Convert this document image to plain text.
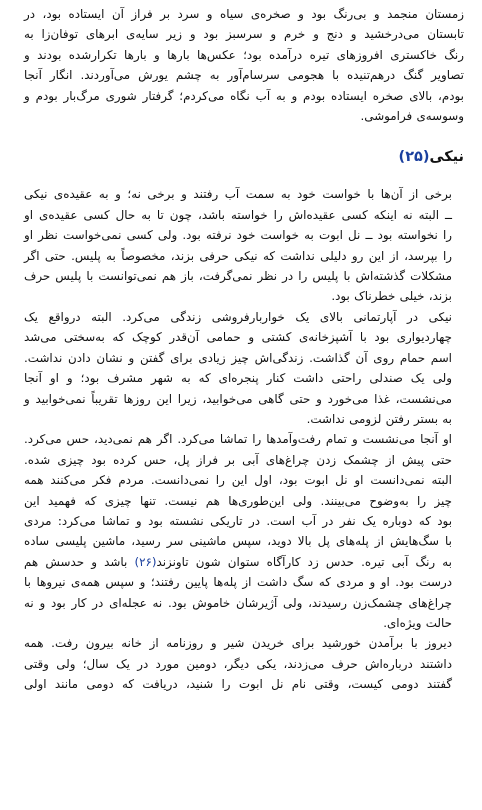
زمستان منجمد و بی‌رنگ بود و صخره‌ی سیاه و سرد بر فراز آن ایستاده بود، در
تابستان می‌درخشید و دنج و خرم و سرسبز بود و زیر سایه‌ی ابرهای توفان‌زا به
رنگ خاکستری افروزهای تیره درآمده بود؛ عکس‌ها بارها و بارها تکرارشده بودند و
تصاویر گنگ درهم‌تنیده با هجومی سرسام‌آور به چشم یورش می‌آوردند. انگار آنجا
بودم، بالای صخره ایستاده بودم و به آب نگاه می‌کردم؛ گرفتار شوری مرگ‌بار بودم و
وسوسه‌ی فراموشی.
نیکی(۲۵)
برخی از آن‌ها با خواست خود به سمت آب رفتند و برخی نه؛ و به عقیده‌ی نیکی
ــ البته نه اینکه کسی عقیده‌اش را خواسته باشد، چون تا به حال کسی عقیده‌ی او
را نخواسته بود ــ نل ابوت به خواست خود نرفته بود. ولی کسی نمی‌خواست نظر او
را بپرسد، از این رو دلیلی نداشت که نیکی حرفی بزند، مخصوصاً به پلیس. حتی اگر
مشکلات گذشته‌اش با پلیس را در نظر نمی‌گرفت، باز هم نمی‌توانست با پلیس حرف
بزند، خیلی خطرناک بود.
نیکی در آپارتمانی بالای یک خواربارفروشی زندگی می‌کرد. البته درواقع یک
چهاردیواری بود با آشپزخانه‌ی کشتی و حمامی آن‌قدر کوچک که به‌سختی می‌شد
اسم حمام روی آن گذاشت. زندگی‌اش چیز زیادی برای گفتن و نشان دادن نداشت.
ولی یک صندلی راحتی داشت کنار پنجره‌ای که به شهر مشرف بود؛ و او آنجا
می‌نشست، غذا می‌خورد و حتی گاهی می‌خوابید، زیرا این روزها تقریباً نمی‌خوابید و
به بستر رفتن لزومی نداشت.
او آنجا می‌نشست و تمام رفت‌وآمدها را تماشا می‌کرد. اگر هم نمی‌دید، حس می‌کرد.
حتی پیش از چشمک زدن چراغ‌های آبی بر فراز پل، حس کرده بود چیزی شده.
البته نمی‌دانست او نل ابوت بود، اول این را نمی‌دانست. مردم فکر می‌کنند همه
چیز را به‌وضوح می‌بینند. ولی این‌طوری‌ها هم نیست. تنها چیزی که فهمید این
بود که دوباره یک نفر در آب است. در تاریکی نشسته بود و تماشا می‌کرد: مردی
با سگ‌هایش از پله‌های پل بالا دوید، سپس ماشینی سر رسید، ماشین پلیسی ساده
به رنگ آبی تیره. حدس زد کارآگاه ستوان شون تاونزند(۲۶) باشد و حدسش هم
درست بود. او و مردی که سگ داشت از پله‌ها پایین رفتند؛ و سپس همه‌ی نیروها با
چراغ‌های چشمک‌زن رسیدند، ولی آژیرشان خاموش بود. نه عجله‌ای در کار بود و نه
حالت ویژه‌ای.
دیروز با برآمدن خورشید برای خریدن شیر و روزنامه از خانه بیرون رفت. همه
داشتند درباره‌اش حرف می‌زدند، یکی دیگر، دومین مورد در یک سال؛ ولی وقتی
گفتند دومی کیست، وقتی نام نل ابوت را شنید، دریافت که دومی مانند اولی
